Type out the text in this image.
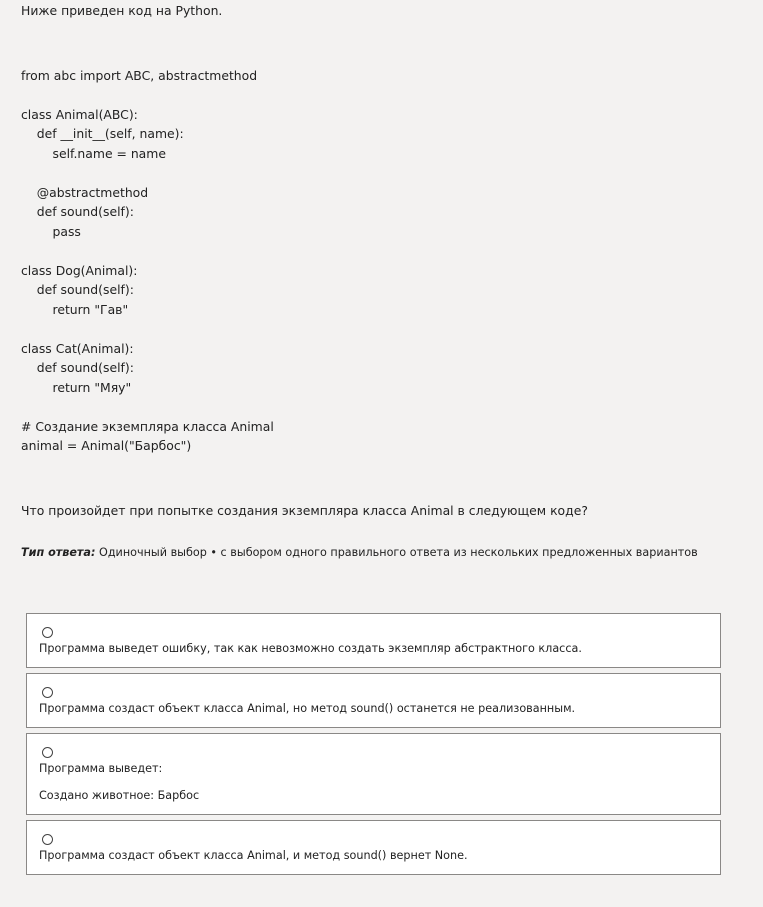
Ниже приведен код на Python.

from abc import ABC, abstractmethod

class Animal(ABC):
def __init__(self, name):
self.name = name

@abstractmethod
def sound(self):
pass

class Dog(Animal):
def sound(self):
return "Гав"

class Cat(Animal):
def sound(self):
return "Мяу"

# Создание экземпляра класса Animal
animal = Animal("Барбос")

Что произойдет при попытке создания экземпляра класса Animal в следующем коде?

Тип ответа: Одиночный выбор • с выбором одного правильного ответа из нескольких предложенных вариантов

Программа выведет ошибку, так как невозможно создать экземпляр абстрактного класса.
Программа создаст объект класса Animal, но метод sound() останется не реализованным.
Программа выведет:
Создано животное: Барбос
Программа создаст объект класса Animal, и метод sound() вернет None.
